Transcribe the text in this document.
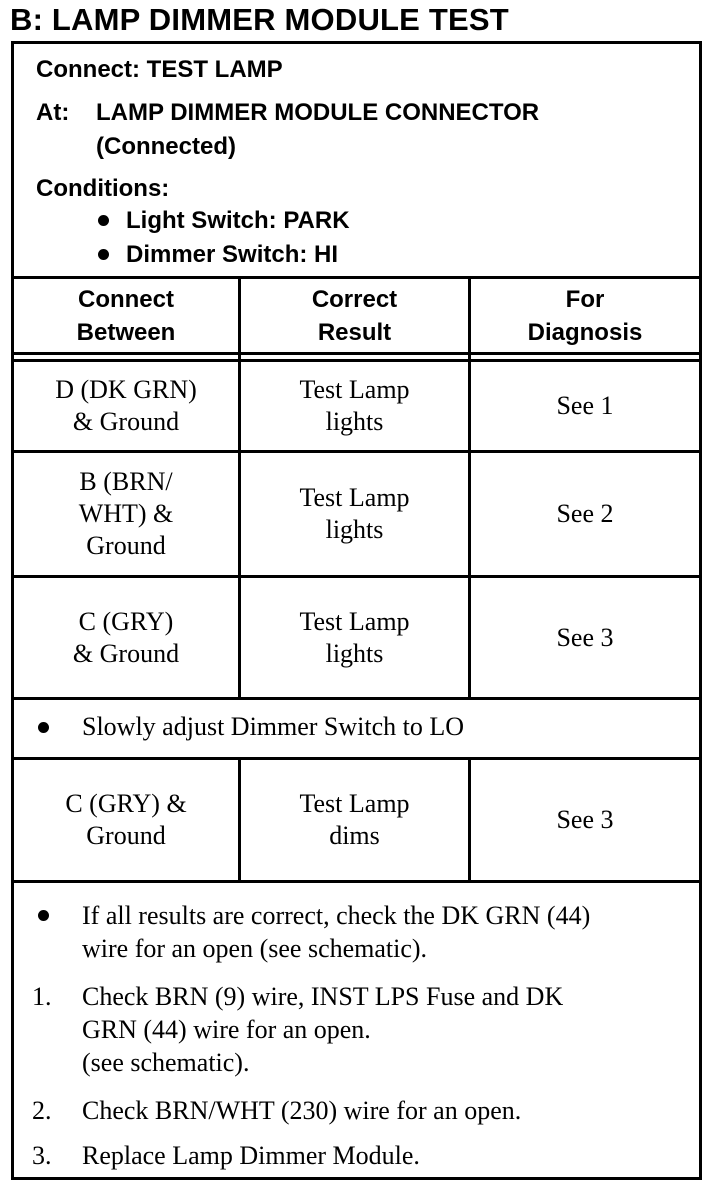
B: LAMP DIMMER MODULE TEST
Connect: TEST LAMP
At: LAMP DIMMER MODULE CONNECTOR
(Connected)
Conditions:
Light Switch: PARK
Dimmer Switch: HI
Connect
Between
Correct
Result
For
Diagnosis
D (DK GRN)
& Ground
Test Lamp
lights
See 1
B (BRN/
WHT) &
Ground
Test Lamp
lights
See 2
C (GRY)
& Ground
Test Lamp
lights
See 3
Slowly adjust Dimmer Switch to LO
C (GRY) &
Ground
Test Lamp
dims
See 3
If all results are correct, check the DK GRN (44)
wire for an open (see schematic).
1. Check BRN (9) wire, INST LPS Fuse and DK
GRN (44) wire for an open.
(see schematic).
2. Check BRN/WHT (230) wire for an open.
3. Replace Lamp Dimmer Module.
